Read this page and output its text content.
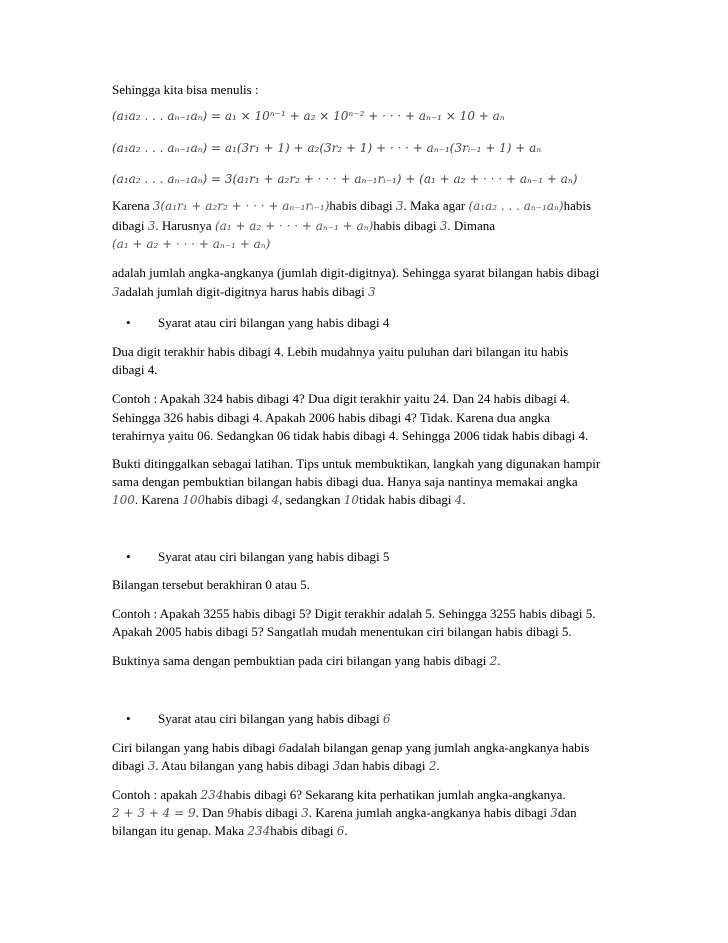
Sehingga kita bisa menulis :
(a₁a₂ . . . aₙ₋₁aₙ) = a₁ × 10ⁿ⁻¹ + a₂ × 10ⁿ⁻² + · · · + aₙ₋₁ × 10 + aₙ
(a₁a₂ . . . aₙ₋₁aₙ) = a₁(3r₁ + 1) + a₂(3r₂ + 1) + · · · + aₙ₋₁(3rᵢ₋₁ + 1) + aₙ
(a₁a₂ . . . aₙ₋₁aₙ) = 3(a₁r₁ + a₂r₂ + · · · + aₙ₋₁rᵢ₋₁) + (a₁ + a₂ + · · · + aₙ₋₁ + aₙ)
Karena 3(a₁r₁ + a₂r₂ + · · · + aₙ₋₁rᵢ₋₁)habis dibagi 3. Maka agar (a₁a₂ . . . aₙ₋₁aₙ)habis
dibagi 3. Harusnya (a₁ + a₂ + · · · + aₙ₋₁ + aₙ)habis dibagi 3. Dimana
(a₁ + a₂ + · · · + aₙ₋₁ + aₙ)
adalah jumlah angka-angkanya (jumlah digit-digitnya). Sehingga syarat bilangan habis dibagi
3adalah jumlah digit-digitnya harus habis dibagi 3
• Syarat atau ciri bilangan yang habis dibagi 4
Dua digit terakhir habis dibagi 4. Lebih mudahnya yaitu puluhan dari bilangan itu habis
dibagi 4.
Contoh : Apakah 324 habis dibagi 4? Dua digit terakhir yaitu 24. Dan 24 habis dibagi 4.
Sehingga 326 habis dibagi 4. Apakah 2006 habis dibagi 4? Tidak. Karena dua angka
terahirnya yaitu 06. Sedangkan 06 tidak habis dibagi 4. Sehingga 2006 tidak habis dibagi 4.
Bukti ditinggalkan sebagai latihan. Tips untuk membuktikan, langkah yang digunakan hampir
sama dengan pembuktian bilangan habis dibagi dua. Hanya saja nantinya memakai angka
100. Karena 100habis dibagi 4, sedangkan 10tidak habis dibagi 4.
• Syarat atau ciri bilangan yang habis dibagi 5
Bilangan tersebut berakhiran 0 atau 5.
Contoh : Apakah 3255 habis dibagi 5? Digit terakhir adalah 5. Sehingga 3255 habis dibagi 5.
Apakah 2005 habis dibagi 5? Sangatlah mudah menentukan ciri bilangan habis dibagi 5.
Buktinya sama dengan pembuktian pada ciri bilangan yang habis dibagi 2.
• Syarat atau ciri bilangan yang habis dibagi 6
Ciri bilangan yang habis dibagi 6adalah bilangan genap yang jumlah angka-angkanya habis
dibagi 3. Atau bilangan yang habis dibagi 3dan habis dibagi 2.
Contoh : apakah 234habis dibagi 6? Sekarang kita perhatikan jumlah angka-angkanya.
2 + 3 + 4 = 9. Dan 9habis dibagi 3. Karena jumlah angka-angkanya habis dibagi 3dan
bilangan itu genap. Maka 234habis dibagi 6.
